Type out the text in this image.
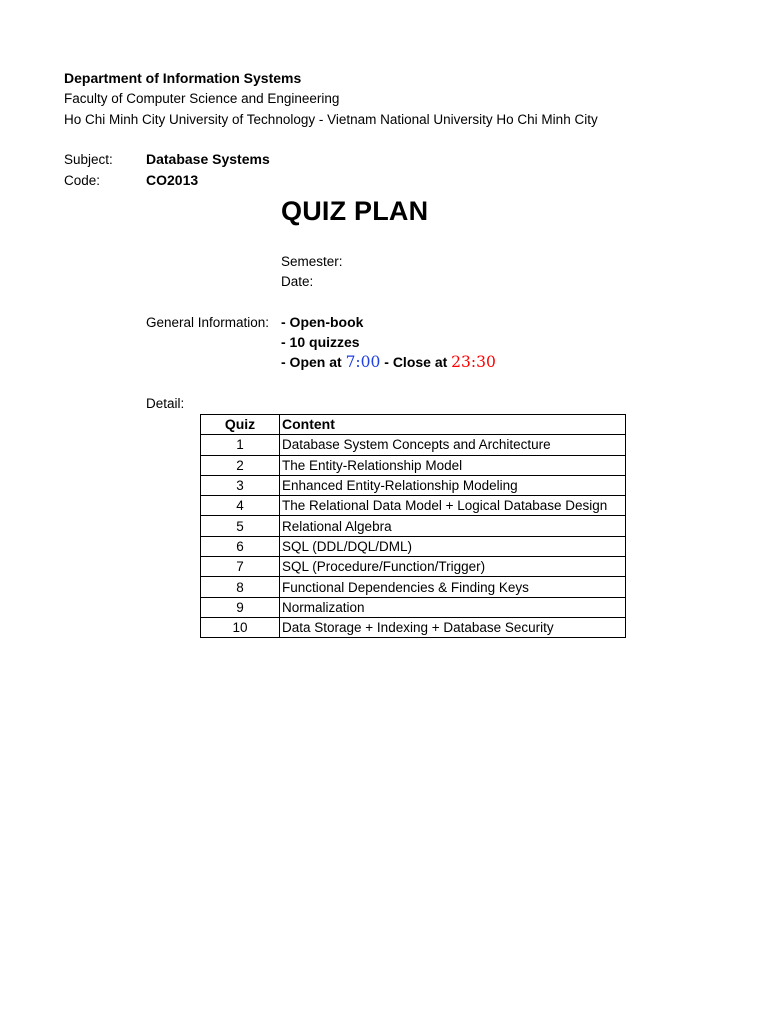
Department of Information Systems
Faculty of Computer Science and Engineering
Ho Chi Minh City University of Technology - Vietnam National University Ho Chi Minh City
Subject: Database Systems
Code:	CO2013
QUIZ PLAN
Semester:
Date:
General Information: - Open-book
- 10 quizzes
- Open at 7:00 - Close at 23:30
Detail:
Quiz	Content
1	Database System Concepts and Architecture
2	The Entity-Relationship Model
3	Enhanced Entity-Relationship Modeling
4	The Relational Data Model + Logical Database Design
5	Relational Algebra
6	SQL (DDL/DQL/DML)
7	SQL (Procedure/Function/Trigger)
8	Functional Dependencies & Finding Keys
9	Normalization
10	Data Storage + Indexing + Database Security
